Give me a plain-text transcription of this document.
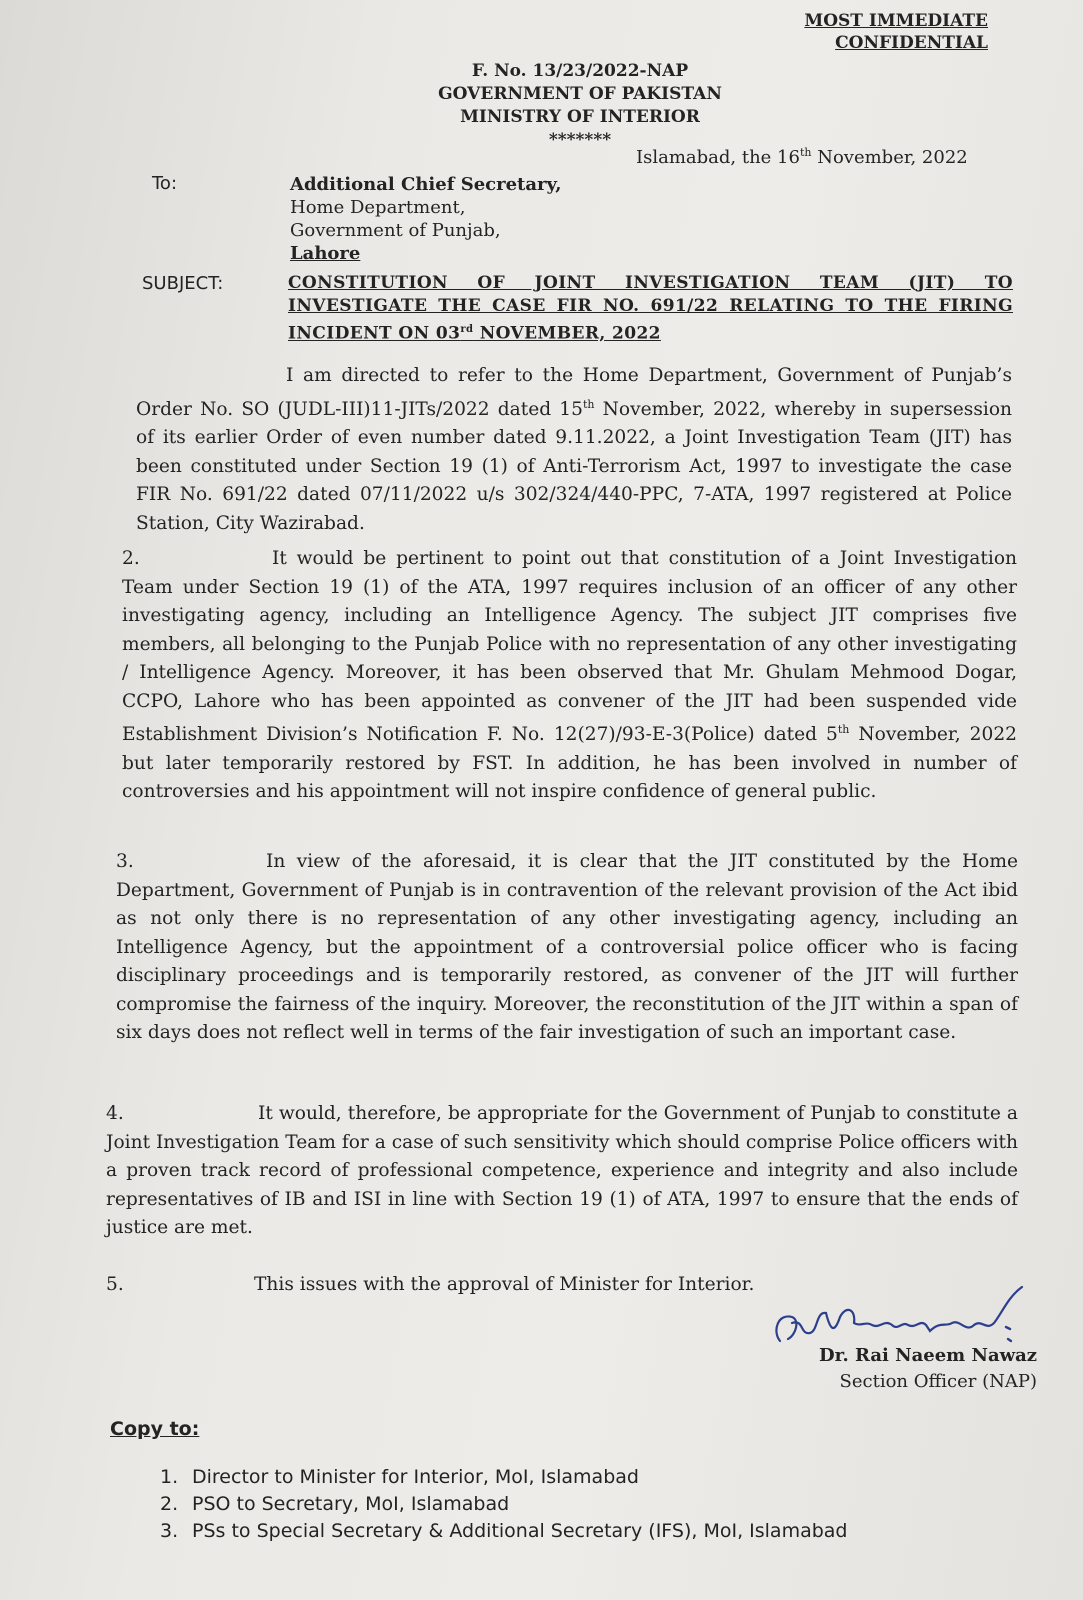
MOST IMMEDIATE
CONFIDENTIAL
F. No. 13/23/2022-NAP
GOVERNMENT OF PAKISTAN
MINISTRY OF INTERIOR
*******
Islamabad, the 16th November, 2022
To:	Additional Chief Secretary,
Home Department,
Government of Punjab,
Lahore
SUBJECT:	CONSTITUTION OF JOINT INVESTIGATION TEAM (JIT) TO INVESTIGATE THE CASE FIR NO. 691/22 RELATING TO THE FIRING INCIDENT ON 03rd NOVEMBER, 2022
I am directed to refer to the Home Department, Government of Punjab’s Order No. SO (JUDL-III)11-JITs/2022 dated 15th November, 2022, whereby in supersession of its earlier Order of even number dated 9.11.2022, a Joint Investigation Team (JIT) has been constituted under Section 19 (1) of Anti-Terrorism Act, 1997 to investigate the case FIR No. 691/22 dated 07/11/2022 u/s 302/324/440-PPC, 7-ATA, 1997 registered at Police Station, City Wazirabad.
2.	It would be pertinent to point out that constitution of a Joint Investigation Team under Section 19 (1) of the ATA, 1997 requires inclusion of an officer of any other investigating agency, including an Intelligence Agency. The subject JIT comprises five members, all belonging to the Punjab Police with no representation of any other investigating / Intelligence Agency. Moreover, it has been observed that Mr. Ghulam Mehmood Dogar, CCPO, Lahore who has been appointed as convener of the JIT had been suspended vide Establishment Division’s Notification F. No. 12(27)/93-E-3(Police) dated 5th November, 2022 but later temporarily restored by FST. In addition, he has been involved in number of controversies and his appointment will not inspire confidence of general public.
3.	In view of the aforesaid, it is clear that the JIT constituted by the Home Department, Government of Punjab is in contravention of the relevant provision of the Act ibid as not only there is no representation of any other investigating agency, including an Intelligence Agency, but the appointment of a controversial police officer who is facing disciplinary proceedings and is temporarily restored, as convener of the JIT will further compromise the fairness of the inquiry. Moreover, the reconstitution of the JIT within a span of six days does not reflect well in terms of the fair investigation of such an important case.
4.	It would, therefore, be appropriate for the Government of Punjab to constitute a Joint Investigation Team for a case of such sensitivity which should comprise Police officers with a proven track record of professional competence, experience and integrity and also include representatives of IB and ISI in line with Section 19 (1) of ATA, 1997 to ensure that the ends of justice are met.
5.	This issues with the approval of Minister for Interior.
Dr. Rai Naeem Nawaz
Section Officer (NAP)
Copy to:
1. Director to Minister for Interior, MoI, Islamabad
2. PSO to Secretary, MoI, Islamabad
3. PSs to Special Secretary & Additional Secretary (IFS), MoI, Islamabad
